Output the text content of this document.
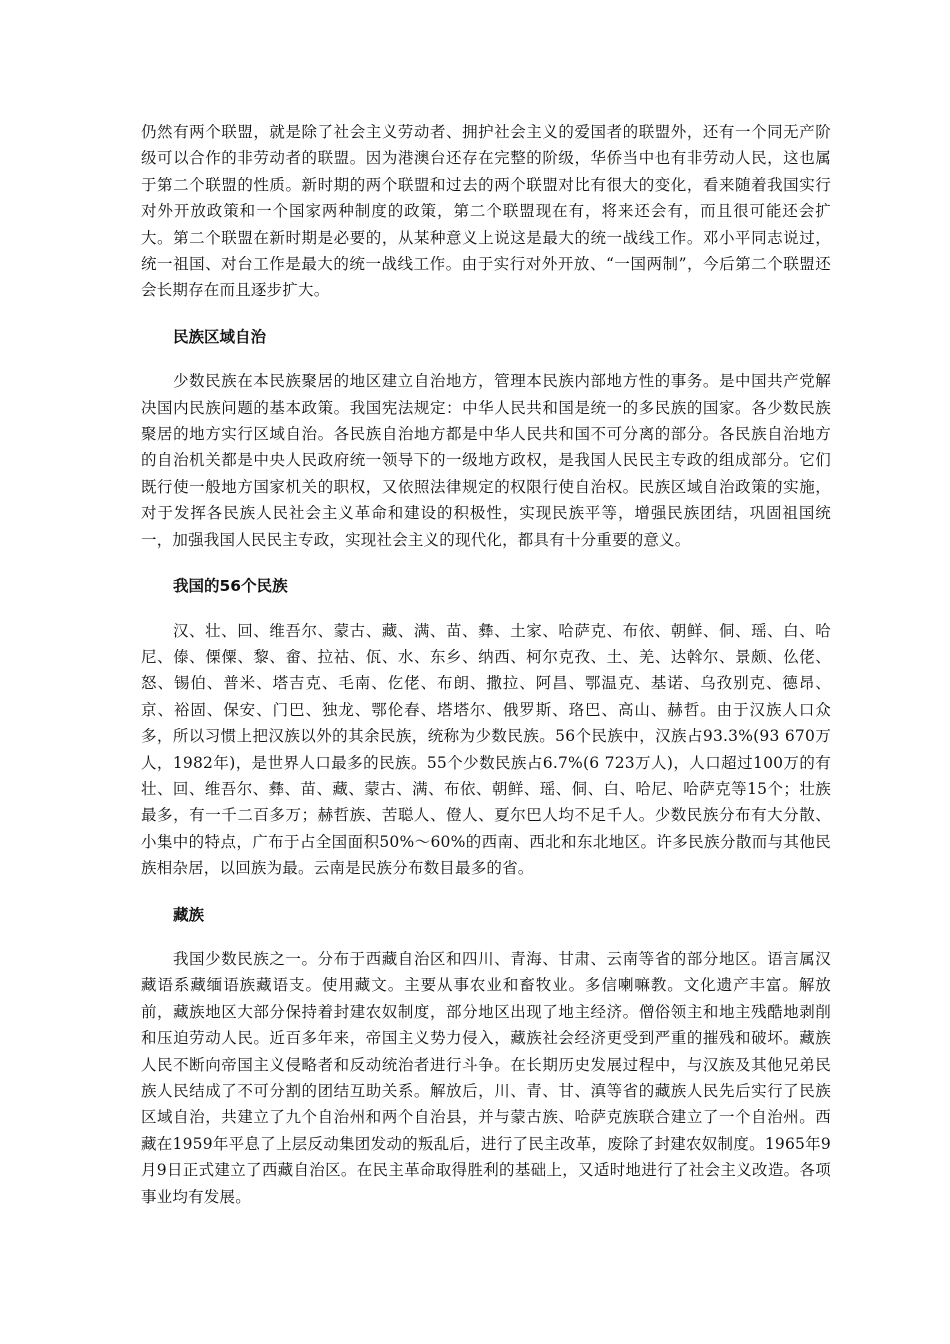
仍然有两个联盟，就是除了社会主义劳动者、拥护社会主义的爱国者的联盟外，还有一个同无产阶级可以合作的非劳动者的联盟。因为港澳台还存在完整的阶级，华侨当中也有非劳动人民，这也属于第二个联盟的性质。新时期的两个联盟和过去的两个联盟对比有很大的变化，看来随着我国实行对外开放政策和一个国家两种制度的政策，第二个联盟现在有，将来还会有，而且很可能还会扩大。第二个联盟在新时期是必要的，从某种意义上说这是最大的统一战线工作。邓小平同志说过，统一祖国、对台工作是最大的统一战线工作。由于实行对外开放、“一国两制”，今后第二个联盟还会长期存在而且逐步扩大。

民族区域自治

少数民族在本民族聚居的地区建立自治地方，管理本民族内部地方性的事务。是中国共产党解决国内民族问题的基本政策。我国宪法规定：中华人民共和国是统一的多民族的国家。各少数民族聚居的地方实行区域自治。各民族自治地方都是中华人民共和国不可分离的部分。各民族自治地方的自治机关都是中央人民政府统一领导下的一级地方政权，是我国人民民主专政的组成部分。它们既行使一般地方国家机关的职权，又依照法律规定的权限行使自治权。民族区域自治政策的实施，对于发挥各民族人民社会主义革命和建设的积极性，实现民族平等，增强民族团结，巩固祖国统一，加强我国人民民主专政，实现社会主义的现代化，都具有十分重要的意义。

我国的56个民族

汉、壮、回、维吾尔、蒙古、藏、满、苗、彝、土家、哈萨克、布依、朝鲜、侗、瑶、白、哈尼、傣、傈僳、黎、畲、拉祜、佤、水、东乡、纳西、柯尔克孜、土、羌、达斡尔、景颇、仫佬、怒、锡伯、普米、塔吉克、毛南、仡佬、布朗、撒拉、阿昌、鄂温克、基诺、乌孜别克、德昂、京、裕固、保安、门巴、独龙、鄂伦春、塔塔尔、俄罗斯、珞巴、高山、赫哲。由于汉族人口众多，所以习惯上把汉族以外的其余民族，统称为少数民族。56个民族中，汉族占93.3%(93 670万人，1982年)，是世界人口最多的民族。55个少数民族占6.7%(6 723万人)，人口超过100万的有壮、回、维吾尔、彝、苗、藏、蒙古、满、布依、朝鲜、瑶、侗、白、哈尼、哈萨克等15个；壮族最多，有一千二百多万；赫哲族、苦聪人、僜人、夏尔巴人均不足千人。少数民族分布有大分散、小集中的特点，广布于占全国面积50%～60%的西南、西北和东北地区。许多民族分散而与其他民族相杂居，以回族为最。云南是民族分布数目最多的省。

藏族

我国少数民族之一。分布于西藏自治区和四川、青海、甘肃、云南等省的部分地区。语言属汉藏语系藏缅语族藏语支。使用藏文。主要从事农业和畜牧业。多信喇嘛教。文化遗产丰富。解放前，藏族地区大部分保持着封建农奴制度，部分地区出现了地主经济。僧俗领主和地主残酷地剥削和压迫劳动人民。近百多年来，帝国主义势力侵入，藏族社会经济更受到严重的摧残和破坏。藏族人民不断向帝国主义侵略者和反动统治者进行斗争。在长期历史发展过程中，与汉族及其他兄弟民族人民结成了不可分割的团结互助关系。解放后，川、青、甘、滇等省的藏族人民先后实行了民族区域自治，共建立了九个自治州和两个自治县，并与蒙古族、哈萨克族联合建立了一个自治州。西藏在1959年平息了上层反动集团发动的叛乱后，进行了民主改革，废除了封建农奴制度。1965年9月9日正式建立了西藏自治区。在民主革命取得胜利的基础上，又适时地进行了社会主义改造。各项事业均有发展。
